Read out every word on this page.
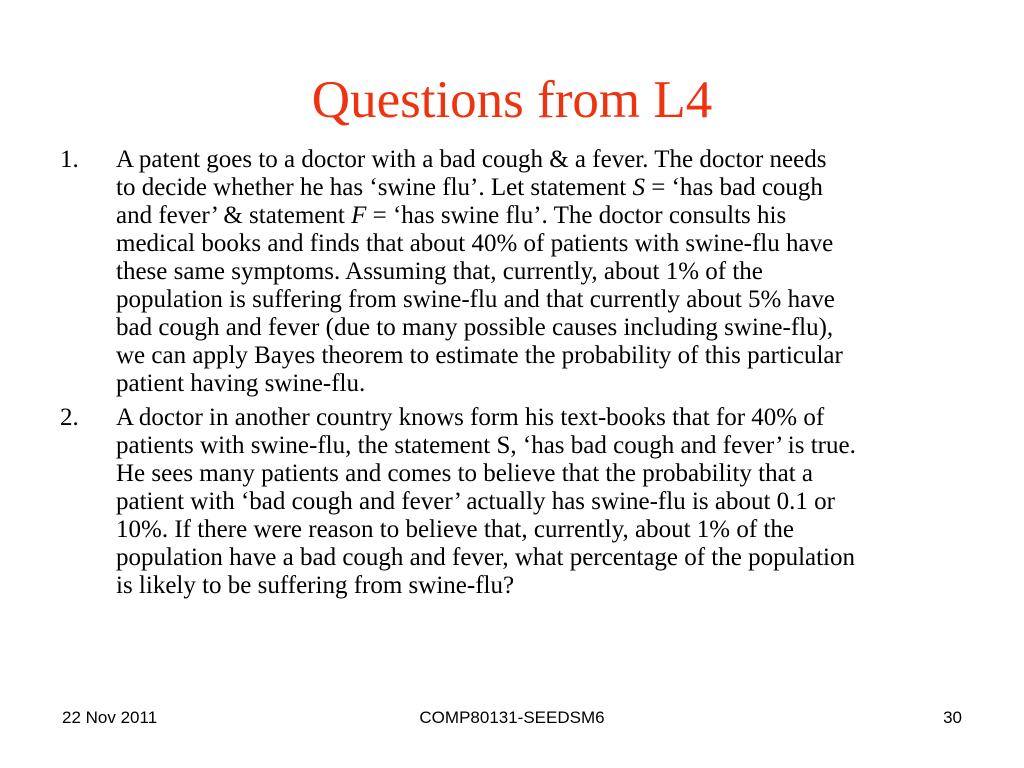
Questions from L4
1. A patent goes to a doctor with a bad cough & a fever. The doctor needs
to decide whether he has ‘swine flu’. Let statement S = ‘has bad cough
and fever’ & statement F = ‘has swine flu’. The doctor consults his
medical books and finds that about 40% of patients with swine-flu have
these same symptoms. Assuming that, currently, about 1% of the
population is suffering from swine-flu and that currently about 5% have
bad cough and fever (due to many possible causes including swine-flu),
we can apply Bayes theorem to estimate the probability of this particular
patient having swine-flu.
2. A doctor in another country knows form his text-books that for 40% of
patients with swine-flu, the statement S, ‘has bad cough and fever’ is true.
He sees many patients and comes to believe that the probability that a
patient with ‘bad cough and fever’ actually has swine-flu is about 0.1 or
10%. If there were reason to believe that, currently, about 1% of the
population have a bad cough and fever, what percentage of the population
is likely to be suffering from swine-flu?
22 Nov 2011	COMP80131-SEEDSM6	30
